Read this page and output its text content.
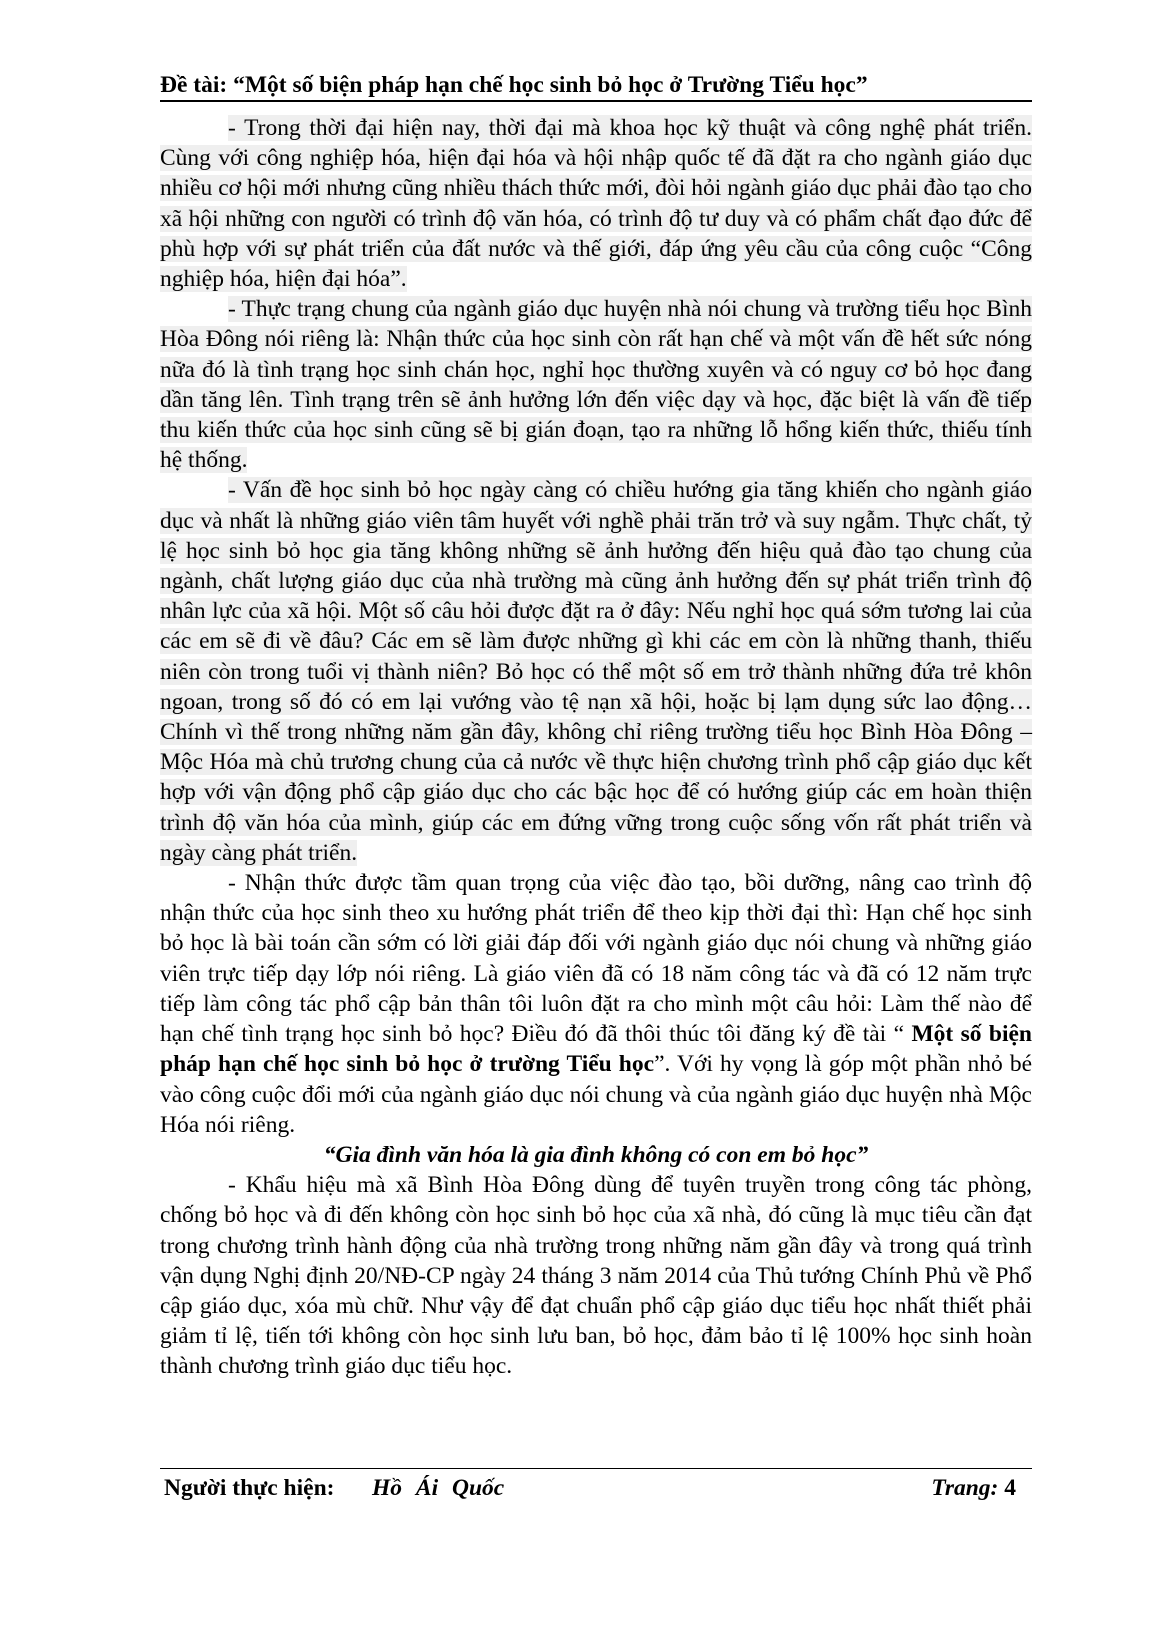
Đề tài: “Một số biện pháp hạn chế học sinh bỏ học ở Trường Tiểu học”

- Trong thời đại hiện nay, thời đại mà khoa học kỹ thuật và công nghệ phát triển. Cùng với công nghiệp hóa, hiện đại hóa và hội nhập quốc tế đã đặt ra cho ngành giáo dục nhiều cơ hội mới nhưng cũng nhiều thách thức mới, đòi hỏi ngành giáo dục phải đào tạo cho xã hội những con người có trình độ văn hóa, có trình độ tư duy và có phẩm chất đạo đức để phù hợp với sự phát triển của đất nước và thế giới, đáp ứng yêu cầu của công cuộc “Công nghiệp hóa, hiện đại hóa”.

- Thực trạng chung của ngành giáo dục huyện nhà nói chung và trường tiểu học Bình Hòa Đông nói riêng là: Nhận thức của học sinh còn rất hạn chế và một vấn đề hết sức nóng nữa đó là tình trạng học sinh chán học, nghỉ học thường xuyên và có nguy cơ bỏ học đang dần tăng lên. Tình trạng trên sẽ ảnh hưởng lớn đến việc dạy và học, đặc biệt là vấn đề tiếp thu kiến thức của học sinh cũng sẽ bị gián đoạn, tạo ra những lỗ hổng kiến thức, thiếu tính hệ thống.

- Vấn đề học sinh bỏ học ngày càng có chiều hướng gia tăng khiến cho ngành giáo dục và nhất là những giáo viên tâm huyết với nghề phải trăn trở và suy ngẫm. Thực chất, tỷ lệ học sinh bỏ học gia tăng không những sẽ ảnh hưởng đến hiệu quả đào tạo chung của ngành, chất lượng giáo dục của nhà trường mà cũng ảnh hưởng đến sự phát triển trình độ nhân lực của xã hội. Một số câu hỏi được đặt ra ở đây: Nếu nghỉ học quá sớm tương lai của các em sẽ đi về đâu? Các em sẽ làm được những gì khi các em còn là những thanh, thiếu niên còn trong tuổi vị thành niên? Bỏ học có thể một số em trở thành những đứa trẻ khôn ngoan, trong số đó có em lại vướng vào tệ nạn xã hội, hoặc bị lạm dụng sức lao động… Chính vì thế trong những năm gần đây, không chỉ riêng trường tiểu học Bình Hòa Đông – Mộc Hóa mà chủ trương chung của cả nước về thực hiện chương trình phổ cập giáo dục kết hợp với vận động phổ cập giáo dục cho các bậc học để có hướng giúp các em hoàn thiện trình độ văn hóa của mình, giúp các em đứng vững trong cuộc sống vốn rất phát triển và ngày càng phát triển.

- Nhận thức được tầm quan trọng của việc đào tạo, bồi dưỡng, nâng cao trình độ nhận thức của học sinh theo xu hướng phát triển để theo kịp thời đại thì: Hạn chế học sinh bỏ học là bài toán cần sớm có lời giải đáp đối với ngành giáo dục nói chung và những giáo viên trực tiếp dạy lớp nói riêng. Là giáo viên đã có 18 năm công tác và đã có 12 năm trực tiếp làm công tác phổ cập bản thân tôi luôn đặt ra cho mình một câu hỏi: Làm thế nào để hạn chế tình trạng học sinh bỏ học? Điều đó đã thôi thúc tôi đăng ký đề tài “ Một số biện pháp hạn chế học sinh bỏ học ở trường Tiểu học”. Với hy vọng là góp một phần nhỏ bé vào công cuộc đổi mới của ngành giáo dục nói chung và của ngành giáo dục huyện nhà Mộc Hóa nói riêng.

“Gia đình văn hóa là gia đình không có con em bỏ học”

- Khẩu hiệu mà xã Bình Hòa Đông dùng để tuyên truyền trong công tác phòng, chống bỏ học và đi đến không còn học sinh bỏ học của xã nhà, đó cũng là mục tiêu cần đạt trong chương trình hành động của nhà trường trong những năm gần đây và trong quá trình vận dụng Nghị định 20/NĐ-CP ngày 24 tháng 3 năm 2014 của Thủ tướng Chính Phủ về Phổ cập giáo dục, xóa mù chữ. Như vậy để đạt chuẩn phổ cập giáo dục tiểu học nhất thiết phải giảm tỉ lệ, tiến tới không còn học sinh lưu ban, bỏ học, đảm bảo tỉ lệ 100% học sinh hoàn thành chương trình giáo dục tiểu học.

Người thực hiện: Hồ Ái Quốc	Trang: 4
